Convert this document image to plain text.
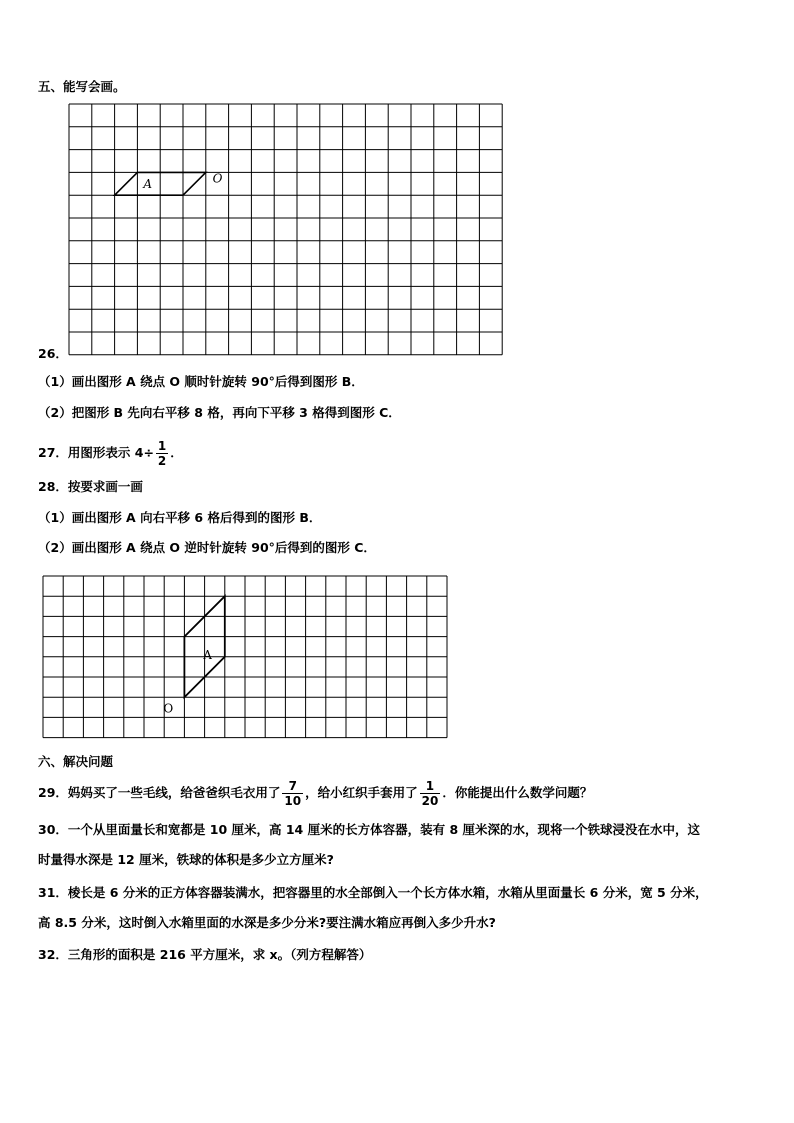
五、能写会画。
A	O
26．
（1）画出图形 A 绕点 O 顺时针旋转 90°后得到图形 B．
（2）把图形 B 先向右平移 8 格，再向下平移 3 格得到图形 C．
27．用图形表示 $4\div \frac{1}{2}$ ．
28．按要求画一画
（1）画出图形 A 向右平移 6 格后得到的图形 B．
（2）画出图形 A 绕点 O 逆时针旋转 90°后得到的图形 C．
A
O
六、解决问题
29．妈妈买了一些毛线，给爸爸织毛衣用了 $\frac{7}{10}$ ，给小红织手套用了 $\frac{1}{20}$ ．你能提出什么数学问题？
30．一个从里面量长和宽都是 10 厘米，高 14 厘米的长方体容器，装有 8 厘米深的水，现将一个铁球浸没在水中，这
时量得水深是 12 厘米，铁球的体积是多少立方厘米?
31．棱长是 6 分米的正方体容器装满水，把容器里的水全部倒入一个长方体水箱，水箱从里面量长 6 分米，宽 5 分米，
高 8.5 分米，这时倒入水箱里面的水深是多少分米?要注满水箱应再倒入多少升水?
32．三角形的面积是 216 平方厘米，求 x。（列方程解答）
